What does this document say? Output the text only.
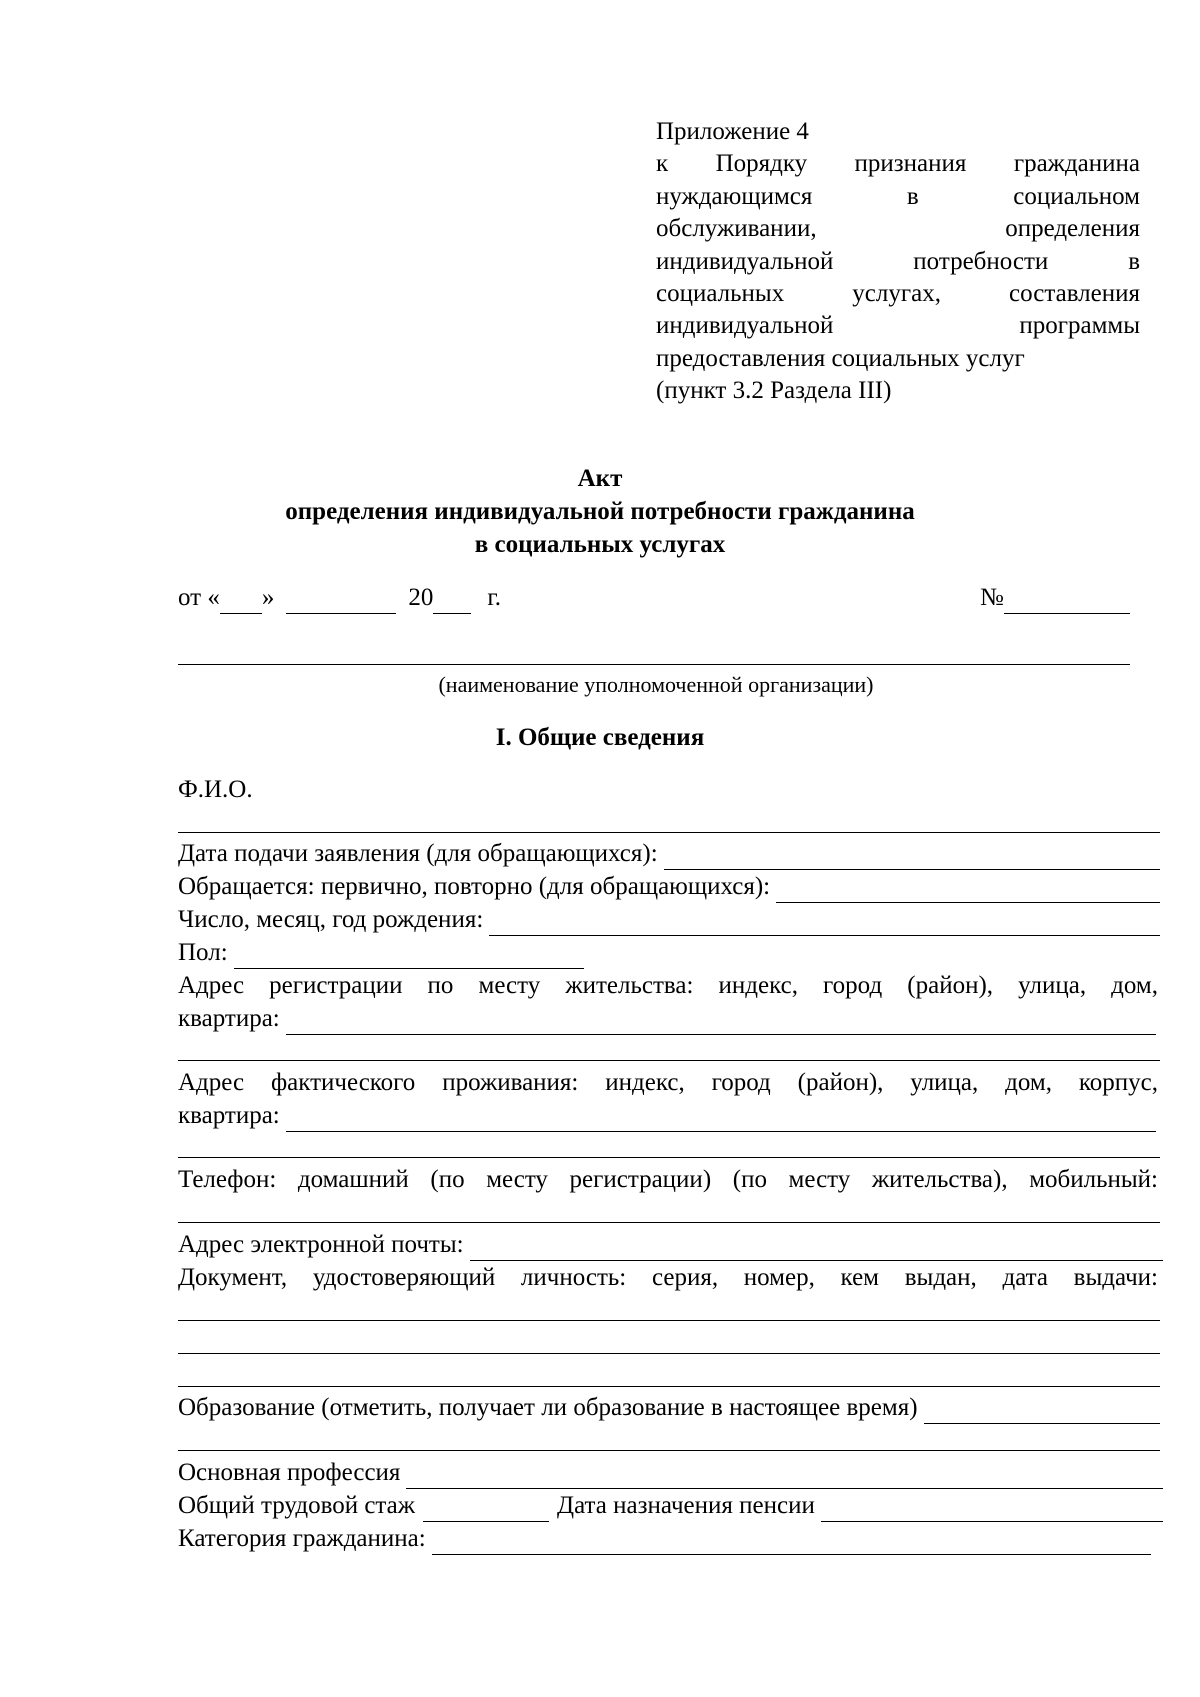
Приложение 4
к Порядку признания гражданина
нуждающимся в социальном
обслуживании, определения
индивидуальной потребности в
социальных услугах, составления
индивидуальной программы
предоставления социальных услуг
(пункт 3.2 Раздела III)
Акт
определения индивидуальной потребности гражданина
в социальных услугах
от « »	20 г.	№
(наименование уполномоченной организации)
I. Общие сведения
Ф.И.О.
Дата подачи заявления (для обращающихся):
Обращается: первично, повторно (для обращающихся):
Число, месяц, год рождения:
Пол:
Адрес регистрации по месту жительства: индекс, город (район), улица, дом,
квартира:
Адрес фактического проживания: индекс, город (район), улица, дом, корпус,
квартира:
Телефон: домашний (по месту регистрации) (по месту жительства), мобильный:
Адрес электронной почты:
Документ, удостоверяющий личность: серия, номер, кем выдан, дата выдачи:
Образование (отметить, получает ли образование в настоящее время)
Основная профессия
Общий трудовой стаж	Дата назначения пенсии
Категория гражданина:
